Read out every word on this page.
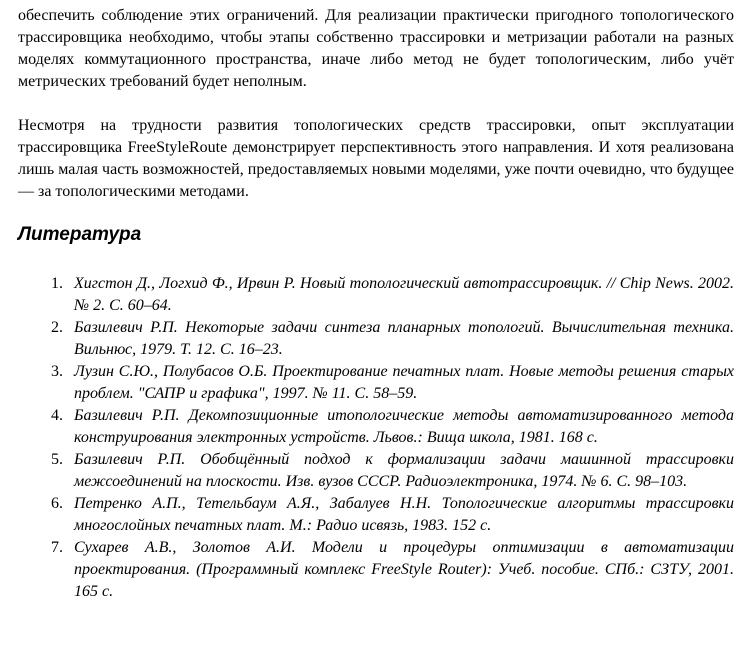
обеспечить соблюдение этих ограничений. Для реализации практически пригодного топологического трассировщика необходимо, чтобы этапы собственно трассировки и метризации работали на разных моделях коммутационного пространства, иначе либо метод не будет топологическим, либо учёт метрических требований будет неполным.

Несмотря на трудности развития топологических средств трассировки, опыт эксплуатации трассировщика FreeStyleRoute демонстрирует перспективность этого направления. И хотя реализована лишь малая часть возможностей, предоставляемых новыми моделями, уже почти очевидно, что будущее — за топологическими методами.

Литература
1. Хигстон Д., Логхид Ф., Ирвин Р. Новый топологический автотрассировщик. // Chip News. 2002. № 2. С. 60–64.
2. Базилевич Р.П. Некоторые задачи синтеза планарных топологий. Вычислительная техника. Вильнюс, 1979. Т. 12. С. 16–23.
3. Лузин С.Ю., Полубасов О.Б. Проектирование печатных плат. Новые методы решения старых проблем. "САПР и графика", 1997. № 11. С. 58–59.
4. Базилевич Р.П. Декомпозиционные итопологические методы автоматизированного метода конструирования электронных устройств. Львов.: Вища школа, 1981. 168 с.
5. Базилевич Р.П. Обобщённый подход к формализации задачи машинной трассировки межсоединений на плоскости. Изв. вузов СССР. Радиоэлектроника, 1974. № 6. С. 98–103.
6. Петренко А.П., Тетельбаум А.Я., Забалуев Н.Н. Топологические алгоритмы трассировки многослойных печатных плат. М.: Радио исвязь, 1983. 152 с.
7. Сухарев А.В., Золотов А.И. Модели и процедуры оптимизации в автоматизации проектирования. (Программный комплекс FreeStyle Router): Учеб. пособие. СПб.: СЗТУ, 2001. 165 с.
